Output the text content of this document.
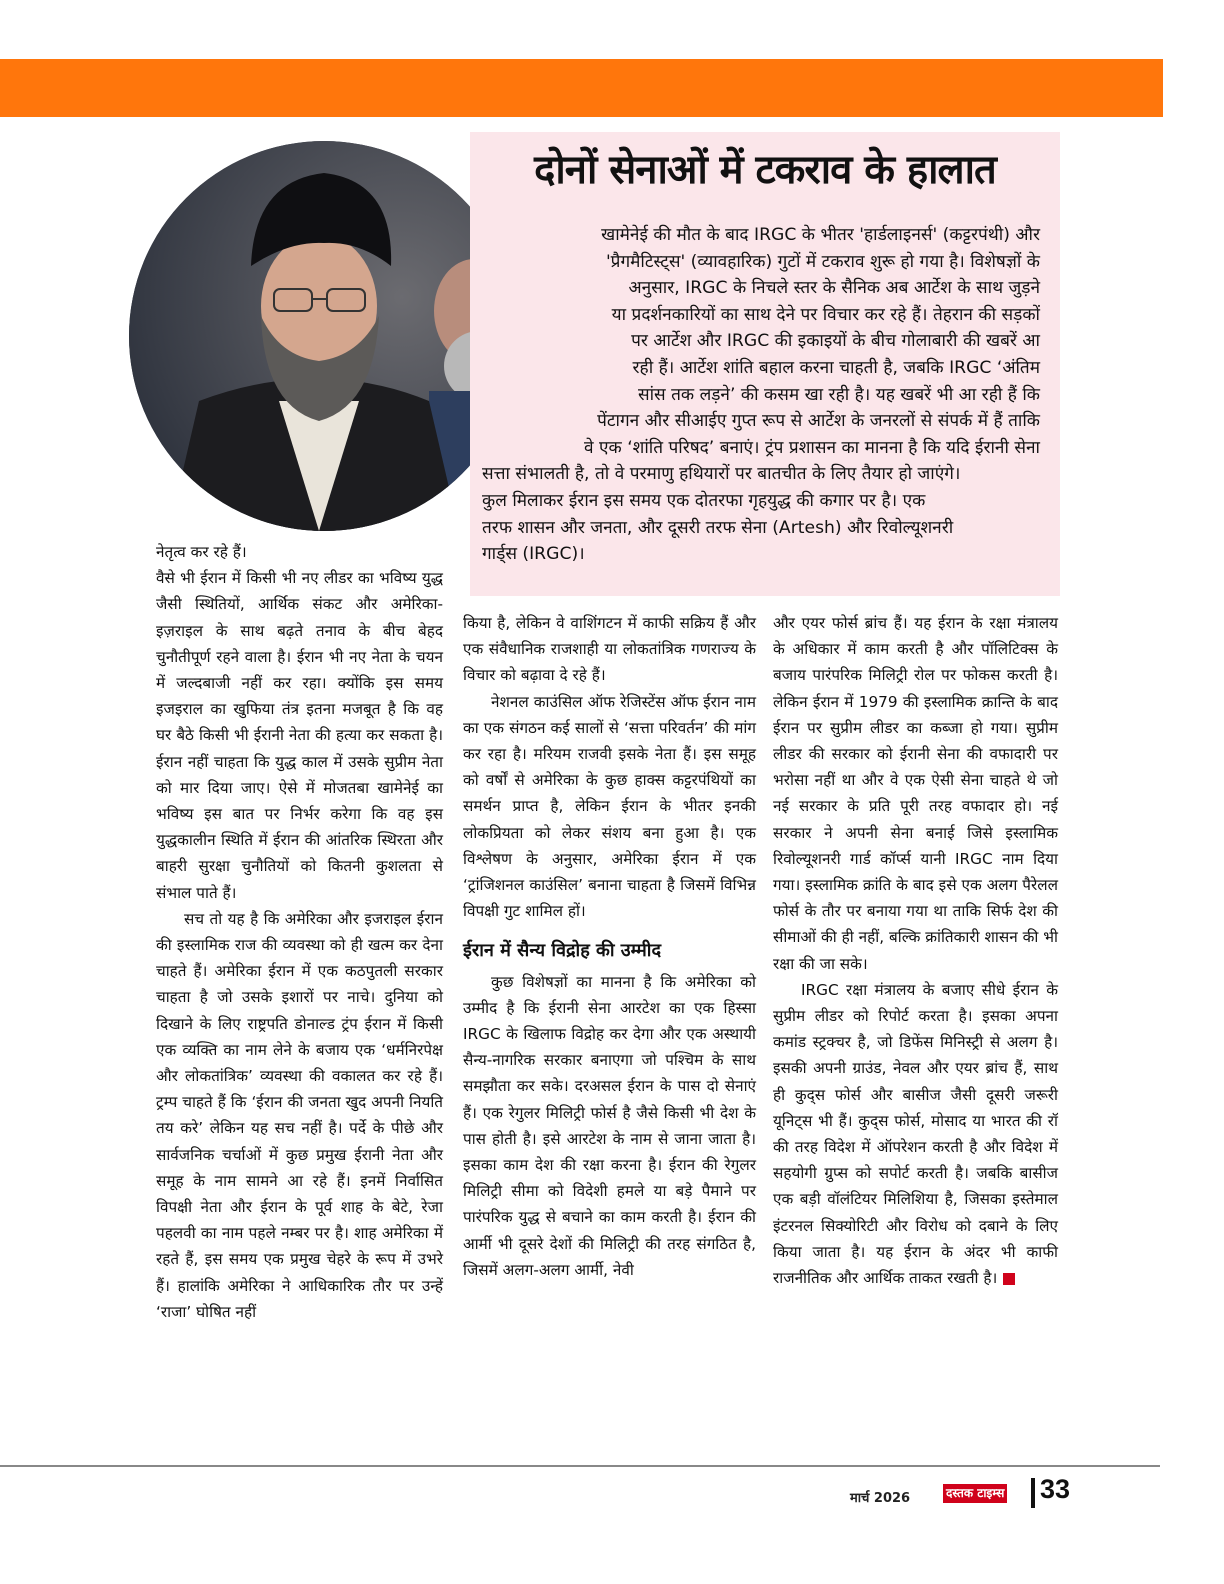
दोनों सेनाओं में टकराव के हालात
खामेनेई की मौत के बाद IRGC के भीतर 'हार्डलाइनर्स' (कट्टरपंथी) और
'प्रैगमैटिस्ट्स' (व्यावहारिक) गुटों में टकराव शुरू हो गया है। विशेषज्ञों के
अनुसार, IRGC के निचले स्तर के सैनिक अब आर्टेश के साथ जुड़ने
या प्रदर्शनकारियों का साथ देने पर विचार कर रहे हैं। तेहरान की सड़कों
पर आर्टेश और IRGC की इकाइयों के बीच गोलाबारी की खबरें आ
रही हैं। आर्टेश शांति बहाल करना चाहती है, जबकि IRGC ‘अंतिम
सांस तक लड़ने’ की कसम खा रही है। यह खबरें भी आ रही हैं कि
पेंटागन और सीआईए गुप्त रूप से आर्टेश के जनरलों से संपर्क में हैं ताकि
वे एक ‘शांति परिषद’ बनाएं। ट्रंप प्रशासन का मानना है कि यदि ईरानी सेना
सत्ता संभालती है, तो वे परमाणु हथियारों पर बातचीत के लिए तैयार हो जाएंगे।
कुल मिलाकर ईरान इस समय एक दोतरफा गृहयुद्ध की कगार पर है। एक
तरफ शासन और जनता, और दूसरी तरफ सेना (Artesh) और रिवोल्यूशनरी
गार्ड्स (IRGC)।

नेतृत्व कर रहे हैं।

वैसे भी ईरान में किसी भी नए लीडर का भविष्य युद्ध जैसी स्थितियों, आर्थिक संकट और अमेरिका-इज़राइल के साथ बढ़ते तनाव के बीच बेहद चुनौतीपूर्ण रहने वाला है। ईरान भी नए नेता के चयन में जल्दबाजी नहीं कर रहा। क्योंकि इस समय इजइराल का खुफिया तंत्र इतना मजबूत है कि वह घर बैठे किसी भी ईरानी नेता की हत्या कर सकता है। ईरान नहीं चाहता कि युद्ध काल में उसके सुप्रीम नेता को मार दिया जाए। ऐसे में मोजतबा खामेनेई का भविष्य इस बात पर निर्भर करेगा कि वह इस युद्धकालीन स्थिति में ईरान की आंतरिक स्थिरता और बाहरी सुरक्षा चुनौतियों को कितनी कुशलता से संभाल पाते हैं।

सच तो यह है कि अमेरिका और इजराइल ईरान की इस्लामिक राज की व्यवस्था को ही खत्म कर देना चाहते हैं। अमेरिका ईरान में एक कठपुतली सरकार चाहता है जो उसके इशारों पर नाचे। दुनिया को दिखाने के लिए राष्ट्रपति डोनाल्ड ट्रंप ईरान में किसी एक व्यक्ति का नाम लेने के बजाय एक ‘धर्मनिरपेक्ष और लोकतांत्रिक’ व्यवस्था की वकालत कर रहे हैं। ट्रम्प चाहते हैं कि ‘ईरान की जनता खुद अपनी नियति तय करे’ लेकिन यह सच नहीं है। पर्दे के पीछे और सार्वजनिक चर्चाओं में कुछ प्रमुख ईरानी नेता और समूह के नाम सामने आ रहे हैं। इनमें निर्वासित विपक्षी नेता और ईरान के पूर्व शाह के बेटे, रेजा पहलवी का नाम पहले नम्बर पर है। शाह अमेरिका में रहते हैं, इस समय एक प्रमुख चेहरे के रूप में उभरे हैं। हालांकि अमेरिका ने आधिकारिक तौर पर उन्हें ‘राजा’ घोषित नहीं

किया है, लेकिन वे वाशिंगटन में काफी सक्रिय हैं और एक संवैधानिक राजशाही या लोकतांत्रिक गणराज्य के विचार को बढ़ावा दे रहे हैं।

नेशनल काउंसिल ऑफ रेजिस्टेंस ऑफ ईरान नाम का एक संगठन कई सालों से ‘सत्ता परिवर्तन’ की मांग कर रहा है। मरियम राजवी इसके नेता हैं। इस समूह को वर्षों से अमेरिका के कुछ हाक्स कट्टरपंथियों का समर्थन प्राप्त है, लेकिन ईरान के भीतर इनकी लोकप्रियता को लेकर संशय बना हुआ है। एक विश्लेषण के अनुसार, अमेरिका ईरान में एक ‘ट्रांजिशनल काउंसिल’ बनाना चाहता है जिसमें विभिन्न विपक्षी गुट शामिल हों।

ईरान में सैन्य विद्रोह की उम्मीद

कुछ विशेषज्ञों का मानना है कि अमेरिका को उम्मीद है कि ईरानी सेना आरटेश का एक हिस्सा IRGC के खिलाफ विद्रोह कर देगा और एक अस्थायी सैन्य-नागरिक सरकार बनाएगा जो पश्चिम के साथ समझौता कर सके। दरअसल ईरान के पास दो सेनाएं हैं। एक रेगुलर मिलिट्री फोर्स है जैसे किसी भी देश के पास होती है। इसे आरटेश के नाम से जाना जाता है। इसका काम देश की रक्षा करना है। ईरान की रेगुलर मिलिट्री सीमा को विदेशी हमले या बड़े पैमाने पर पारंपरिक युद्ध से बचाने का काम करती है। ईरान की आर्मी भी दूसरे देशों की मिलिट्री की तरह संगठित है, जिसमें अलग-अलग आर्मी, नेवी

और एयर फोर्स ब्रांच हैं। यह ईरान के रक्षा मंत्रालय के अधिकार में काम करती है और पॉलिटिक्स के बजाय पारंपरिक मिलिट्री रोल पर फोकस करती है। लेकिन ईरान में 1979 की इस्लामिक क्रान्ति के बाद ईरान पर सुप्रीम लीडर का कब्जा हो गया। सुप्रीम लीडर की सरकार को ईरानी सेना की वफादारी पर भरोसा नहीं था और वे एक ऐसी सेना चाहते थे जो नई सरकार के प्रति पूरी तरह वफादार हो। नई सरकार ने अपनी सेना बनाई जिसे इस्लामिक रिवोल्यूशनरी गार्ड कॉर्प्स यानी IRGC नाम दिया गया। इस्लामिक क्रांति के बाद इसे एक अलग पैरेलल फोर्स के तौर पर बनाया गया था ताकि सिर्फ देश की सीमाओं की ही नहीं, बल्कि क्रांतिकारी शासन की भी रक्षा की जा सके।

IRGC रक्षा मंत्रालय के बजाए सीधे ईरान के सुप्रीम लीडर को रिपोर्ट करता है। इसका अपना कमांड स्ट्रक्चर है, जो डिफेंस मिनिस्ट्री से अलग है। इसकी अपनी ग्राउंड, नेवल और एयर ब्रांच हैं, साथ ही कुद्स फोर्स और बासीज जैसी दूसरी जरूरी यूनिट्स भी हैं। कुद्स फोर्स, मोसाद या भारत की रॉ की तरह विदेश में ऑपरेशन करती है और विदेश में सहयोगी ग्रुप्स को सपोर्ट करती है। जबकि बासीज एक बड़ी वॉलंटियर मिलिशिया है, जिसका इस्तेमाल इंटरनल सिक्योरिटी और विरोध को दबाने के लिए किया जाता है। यह ईरान के अंदर भी काफी राजनीतिक और आर्थिक ताकत रखती है।

मार्च 2026	दस्तक टाइम्स 33
